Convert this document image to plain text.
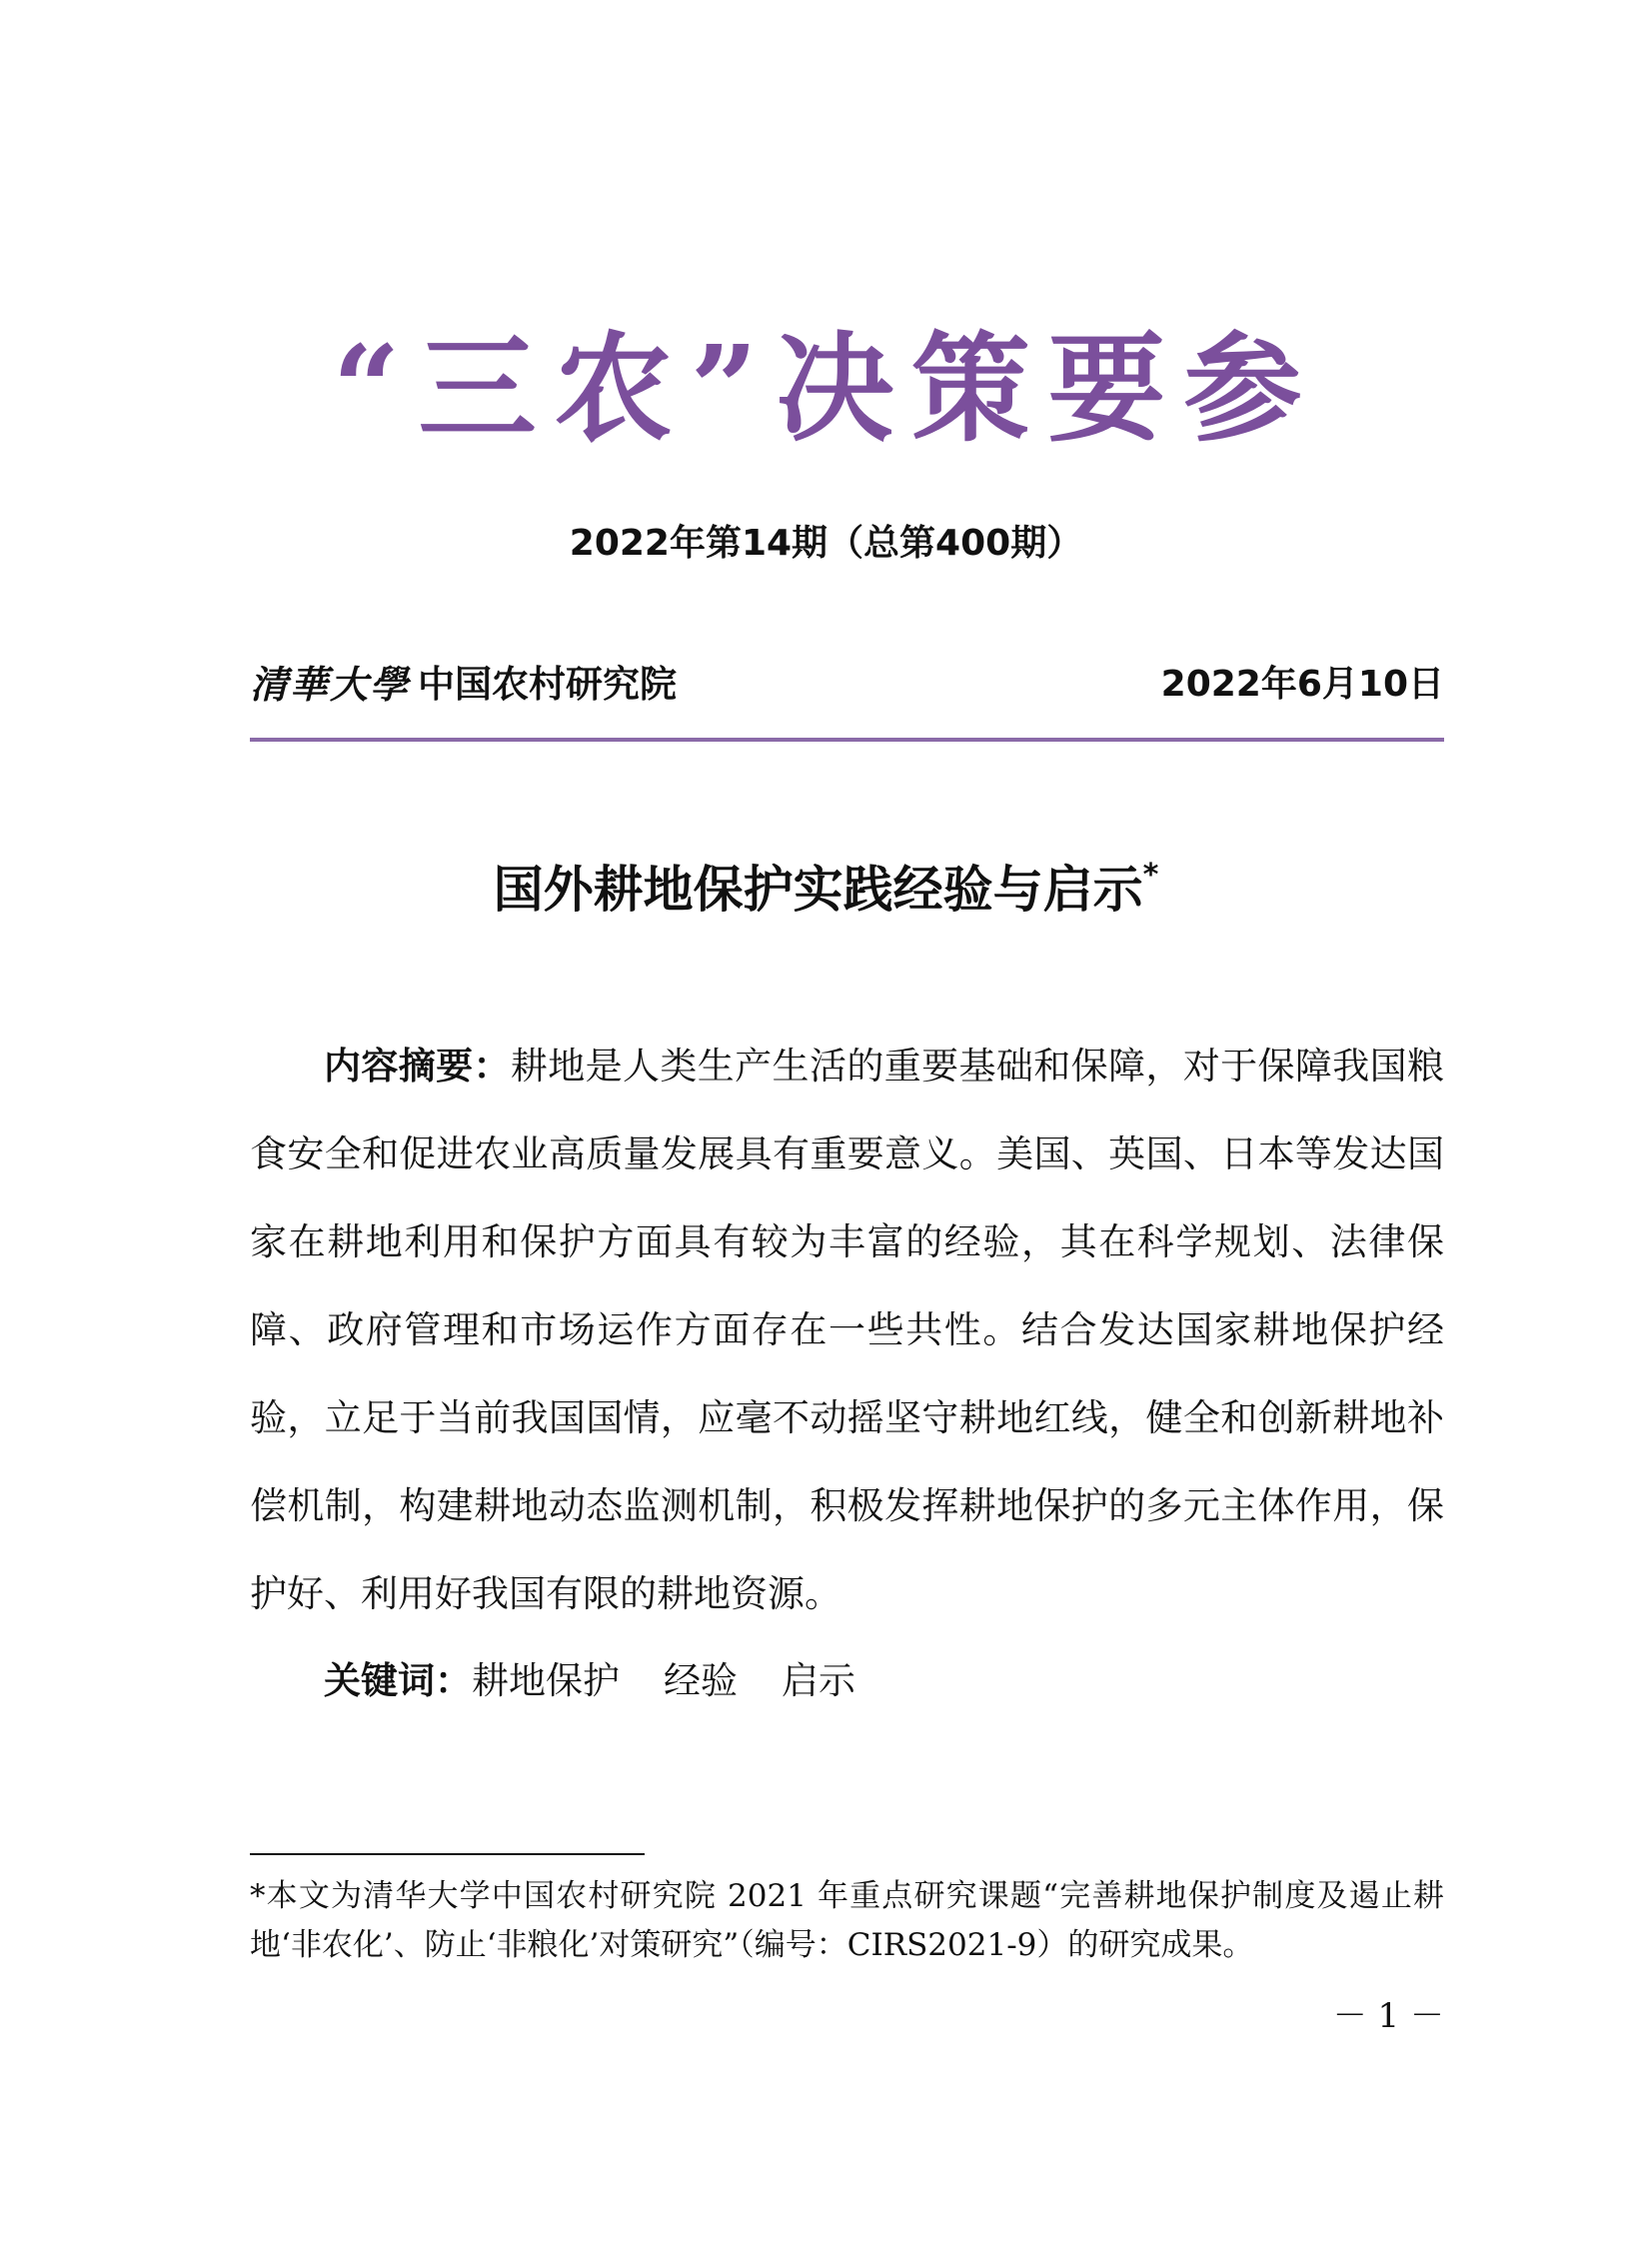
“三农”决策要参
2022年第14期（总第400期）
清華大學 中国农村研究院	2022年6月10日
国外耕地保护实践经验与启示*

内容摘要：耕地是人类生产生活的重要基础和保障，对于保障我国粮食安全和促进农业高质量发展具有重要意义。美国、英国、日本等发达国家在耕地利用和保护方面具有较为丰富的经验，其在科学规划、法律保障、政府管理和市场运作方面存在一些共性。结合发达国家耕地保护经验，立足于当前我国国情，应毫不动摇坚守耕地红线，健全和创新耕地补偿机制，构建耕地动态监测机制，积极发挥耕地保护的多元主体作用，保护好、利用好我国有限的耕地资源。

关键词：耕地保护 经验 启示

*本文为清华大学中国农村研究院 2021 年重点研究课题“完善耕地保护制度及遏止耕地‘非农化’、防止‘非粮化’对策研究”（编号：CIRS2021-9）的研究成果。

－ 1 －
